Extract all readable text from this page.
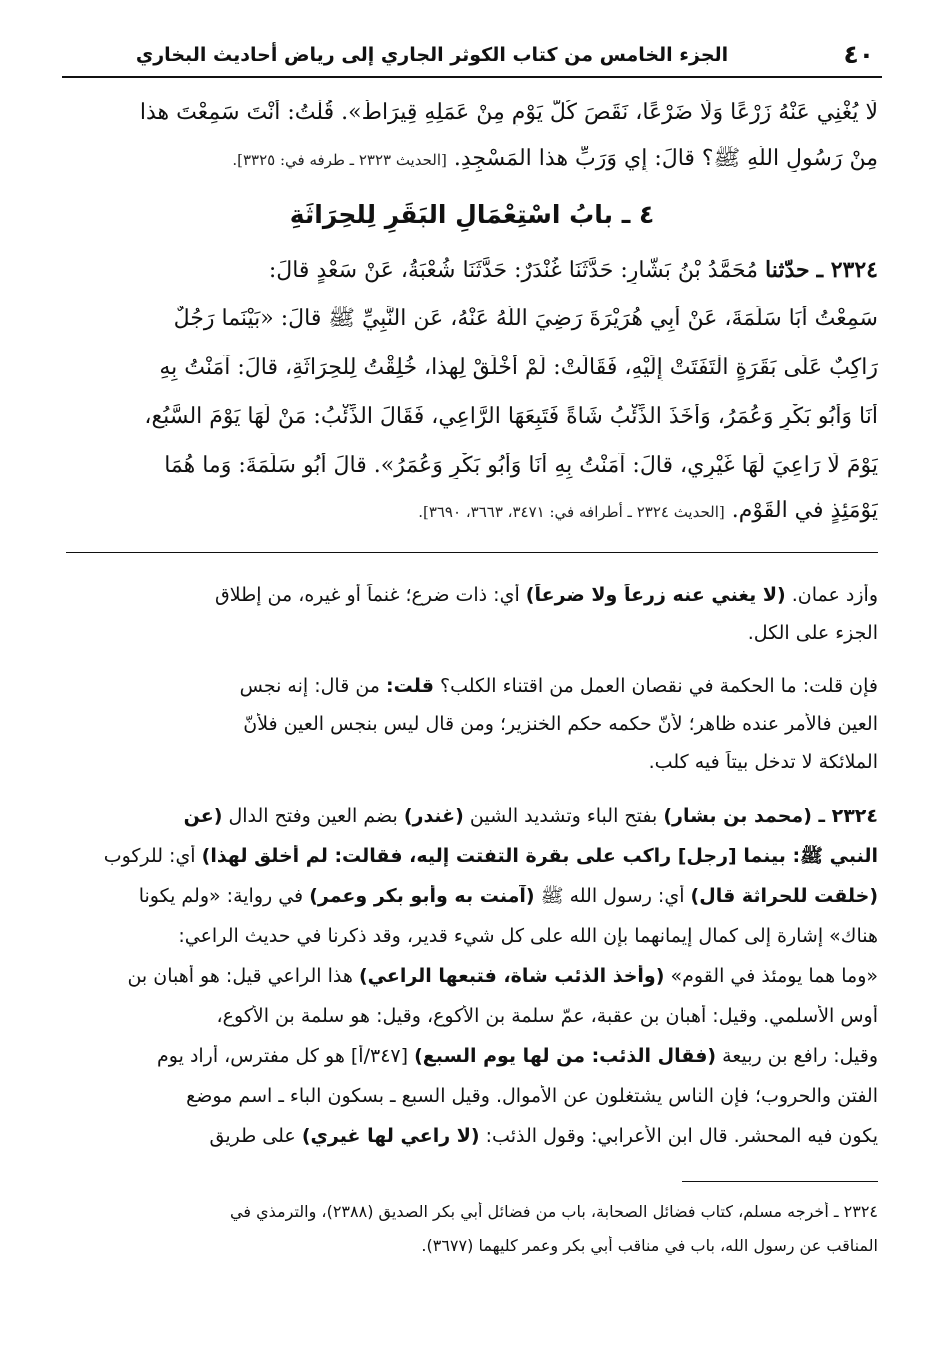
٤٠
الجزء الخامس من كتاب الكوثر الجاري إلى رياض أحاديث البخاري
لَا يُغْنِي عَنْهُ زَرْعًا وَلَا ضَرْعًا، نَقَصَ كُلَّ يَوْمٍ مِنْ عَمَلِهِ قِيرَاطٌ». قُلْتُ: أَنْتَ سَمِعْتَ هذا
مِنْ رَسُولِ اللّهِ ﷺ؟ قالَ: إِي وَرَبِّ هذا المَسْجِدِ. [الحديث ٢٣٢٣ ـ طرفه في: ٣٣٢٥].
٤ ـ بابُ اسْتِعْمَالِ البَقَرِ لِلحِرَاثَةِ
٢٣٢٤ ـ حدّثنا مُحَمَّدُ بْنُ بَشَّارٍ: حَدَّثَنَا غُنْدَرٌ: حَدَّثَنَا شُعْبَةُ، عَنْ سَعْدٍ قالَ:
سَمِعْتُ أَبَا سَلَمَةَ، عَنْ أَبِي هُرَيْرَةَ رَضِيَ اللَّهُ عَنْهُ، عَنِ النَّبِيِّ ﷺ قالَ: «بَيْنَما رَجُلٌ
رَاكِبٌ عَلَى بَقَرَةٍ الْتَفَتَتْ إِلَيْهِ، فَقَالَتْ: لَمْ أُخْلَقْ لِهذا، خُلِقْتُ لِلحِرَاثَةِ، قالَ: آمَنْتُ بِهِ
أَنَا وَأَبُو بَكْرٍ وَعُمَرُ، وَأَخَذَ الذِّئْبُ شَاةً فَتَبِعَهَا الرَّاعِي، فَقَالَ الذِّئْبُ: مَنْ لَهَا يَوْمَ السَّبُعِ،
يَوْمَ لَا رَاعِيَ لَهَا غَيْرِي، قالَ: آمَنْتُ بِهِ أَنَا وَأَبُو بَكْرٍ وَعُمَرُ». قالَ أَبُو سَلَمَةَ: وَما هُمَا
يَوْمَئِذٍ في القَوْمِ. [الحديث ٢٣٢٤ ـ أطرافه في: ٣٤٧١، ٣٦٦٣، ٣٦٩٠].
وأزد عمان. (لا يغني عنه زرعاً ولا ضرعاً) أي: ذات ضرع؛ غنماً أو غيره، من إطلاق
الجزء على الكل.
فإن قلت: ما الحكمة في نقصان العمل من اقتناء الكلب؟ قلت: من قال: إنه نجس
العين فالأمر عنده ظاهر؛ لأنّ حكمه حكم الخنزير؛ ومن قال ليس بنجس العين فلأنّ
الملائكة لا تدخل بيتاً فيه كلب.
٢٣٢٤ ـ (محمد بن بشار) بفتح الباء وتشديد الشين (غندر) بضم العين وفتح الدال (عن
النبي ﷺ: بينما [رجل] راكب على بقرة التفتت إليه، فقالت: لم أخلق لهذا) أي: للركوب
(خلقت للحراثة قال) أي: رسول الله ﷺ (آمنت به وأبو بكر وعمر) في رواية: «ولم يكونا
هناك» إشارة إلى كمال إيمانهما بإن الله على كل شيء قدير، وقد ذكرنا في حديث الراعي:
«وما هما يومئذ في القوم» (وأخذ الذئب شاة، فتبعها الراعي) هذا الراعي قيل: هو أهبان بن
أوس الأسلمي. وقيل: أهبان بن عقبة، عمّ سلمة بن الأكوع، وقيل: هو سلمة بن الأكوع،
وقيل: رافع بن ربيعة (فقال الذئب: من لها يوم السبع) [٣٤٧/أ] هو كل مفترس، أراد يوم
الفتن والحروب؛ فإن الناس يشتغلون عن الأموال. وقيل السبع ـ بسكون الباء ـ اسم موضع
يكون فيه المحشر. قال ابن الأعرابي: وقول الذئب: (لا راعي لها غيري) على طريق
٢٣٢٤ ـ أخرجه مسلم، كتاب فضائل الصحابة، باب من فضائل أبي بكر الصديق (٢٣٨٨)، والترمذي في
المناقب عن رسول الله، باب في مناقب أبي بكر وعمر كليهما (٣٦٧٧).
